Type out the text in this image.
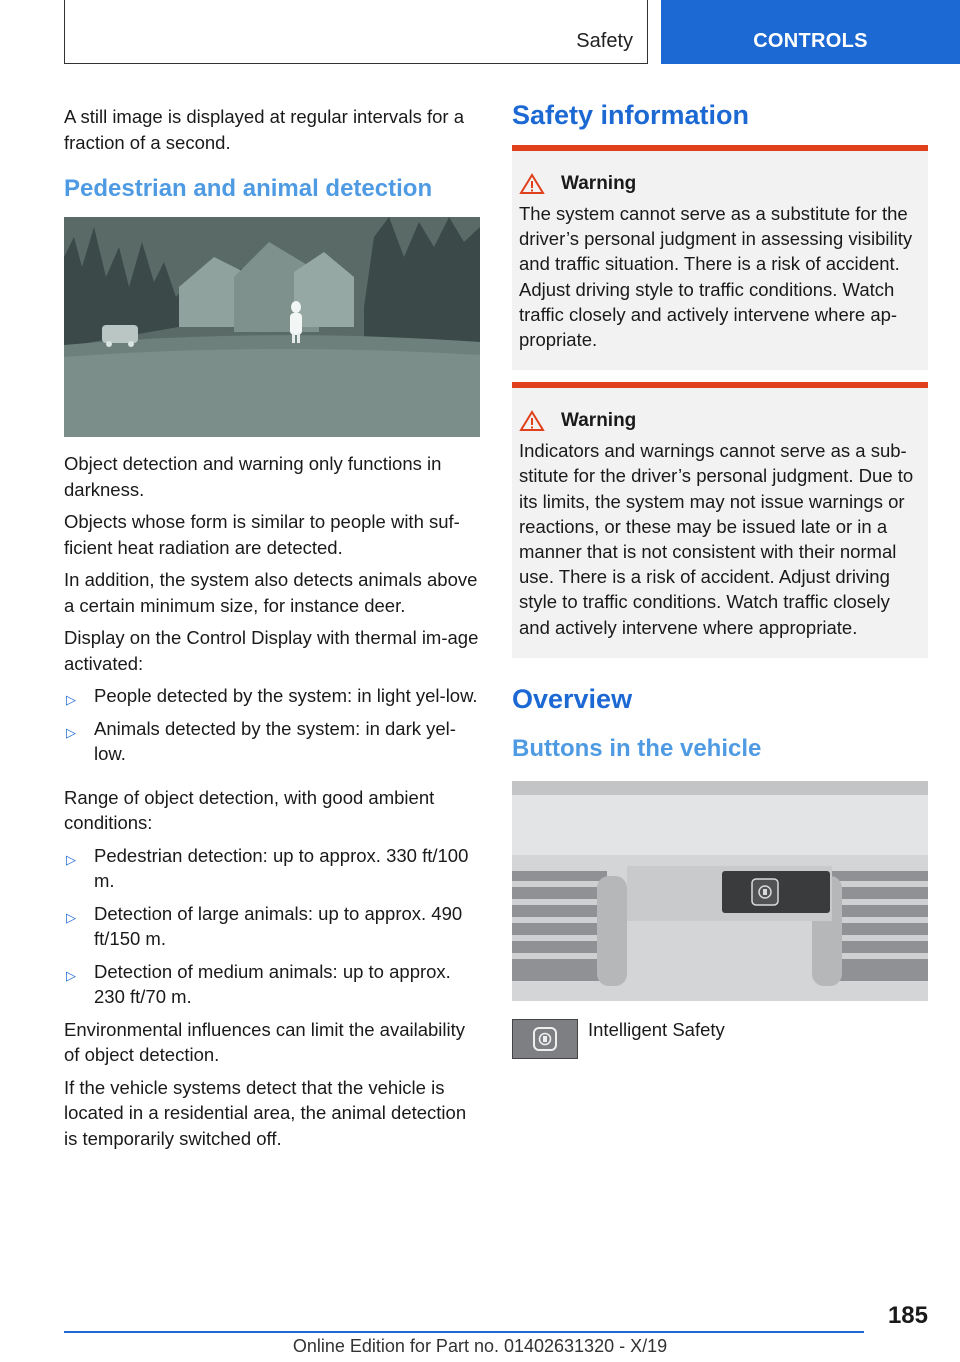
Safety	CONTROLS

A still image is displayed at regular intervals for a fraction of a second.

Pedestrian and animal detection

Object detection and warning only functions in darkness.

Objects whose form is similar to people with suf-ficient heat radiation are detected.

In addition, the system also detects animals above a certain minimum size, for instance deer.

Display on the Control Display with thermal im-age activated:

▷ People detected by the system: in light yel-low.
▷ Animals detected by the system: in dark yel-low.

Range of object detection, with good ambient conditions:

▷ Pedestrian detection: up to approx. 330 ft/100 m.
▷ Detection of large animals: up to approx. 490 ft/150 m.
▷ Detection of medium animals: up to approx. 230 ft/70 m.

Environmental influences can limit the availability of object detection.

If the vehicle systems detect that the vehicle is located in a residential area, the animal detection is temporarily switched off.

Safety information
Warning

The system cannot serve as a substitute for the driver’s personal judgment in assessing visibility and traffic situation. There is a risk of accident. Adjust driving style to traffic conditions. Watch traffic closely and actively intervene where ap-propriate.

Warning

Indicators and warnings cannot serve as a sub-stitute for the driver’s personal judgment. Due to its limits, the system may not issue warnings or reactions, or these may be issued late or in a manner that is not consistent with their normal use. There is a risk of accident. Adjust driving style to traffic conditions. Watch traffic closely and actively intervene where appropriate.

Overview
Buttons in the vehicle
Intelligent Safety
185
Online Edition for Part no. 01402631320 - X/19
